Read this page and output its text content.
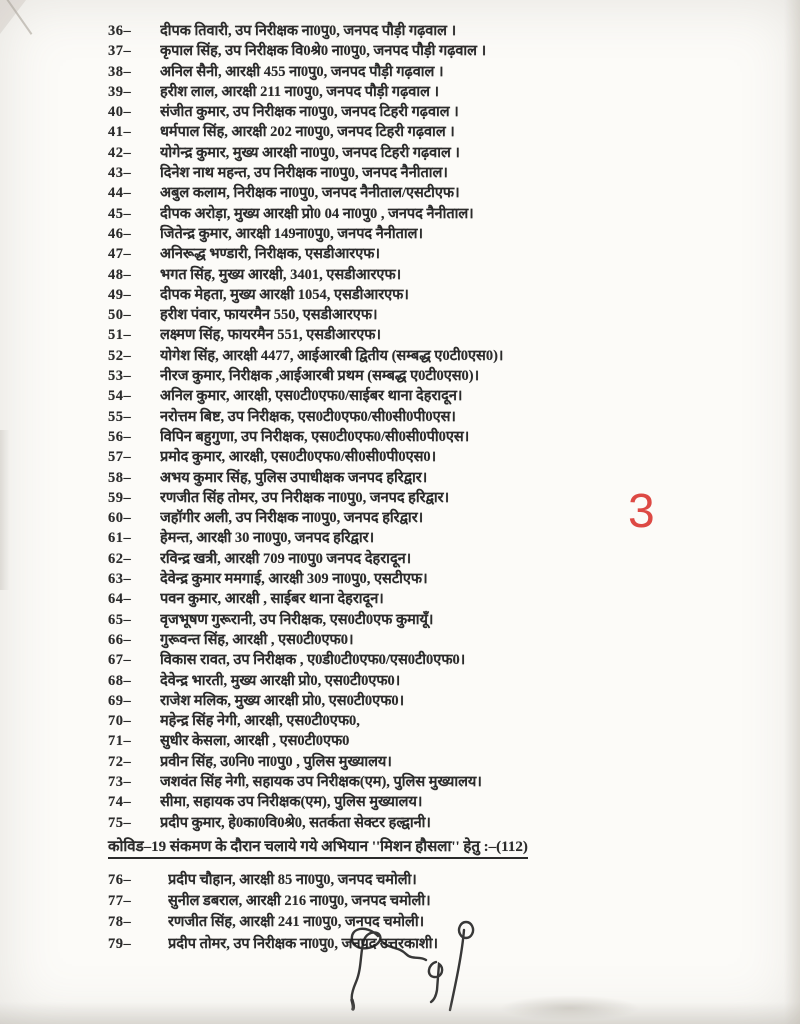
36–	दीपक तिवारी, उप निरीक्षक ना0पु0, जनपद पौड़ी गढ़वाल ।
37–	कृपाल सिंह, उप निरीक्षक वि0श्रे0 ना0पु0, जनपद पौड़ी गढ़वाल ।
38–	अनिल सैनी, आरक्षी 455 ना0पु0, जनपद पौड़ी गढ़वाल ।
39–	हरीश लाल, आरक्षी 211 ना0पु0, जनपद पौड़ी गढ़वाल ।
40–	संजीत कुमार, उप निरीक्षक ना0पु0, जनपद टिहरी गढ़वाल ।
41–	धर्मपाल सिंह, आरक्षी 202 ना0पु0, जनपद टिहरी गढ़वाल ।
42–	योगेन्द्र कुमार, मुख्य आरक्षी ना0पु0, जनपद टिहरी गढ़वाल ।
43–	दिनेश नाथ महन्त, उप निरीक्षक ना0पु0, जनपद नैनीताल।
44–	अबुल कलाम, निरीक्षक ना0पु0, जनपद नैनीताल/एसटीएफ।
45–	दीपक अरोड़ा, मुख्य आरक्षी प्रो0 04 ना0पु0 , जनपद नैनीताल।
46–	जितेन्द्र कुमार, आरक्षी 149ना0पु0, जनपद नैनीताल।
47–	अनिरूद्ध भण्डारी, निरीक्षक, एसडीआरएफ।
48–	भगत सिंह, मुख्य आरक्षी, 3401, एसडीआरएफ।
49–	दीपक मेहता, मुख्य आरक्षी 1054, एसडीआरएफ।
50–	हरीश पंवार, फायरमैन 550, एसडीआरएफ।
51–	लक्ष्मण सिंह, फायरमैन 551, एसडीआरएफ।
52–	योगेश सिंह, आरक्षी 4477, आईआरबी द्वितीय (सम्बद्ध ए0टी0एस0)।
53–	नीरज कुमार, निरीक्षक ,आईआरबी प्रथम (सम्बद्ध ए0टी0एस0)।
54–	अनिल कुमार, आरक्षी, एस0टी0एफ0/साईबर थाना देहरादून।
55–	नरोत्तम बिष्ट, उप निरीक्षक, एस0टी0एफ0/सी0सी0पी0एस।
56–	विपिन बहुगुणा, उप निरीक्षक, एस0टी0एफ0/सी0सी0पी0एस।
57–	प्रमोद कुमार, आरक्षी, एस0टी0एफ0/सी0सी0पी0एस0।
58–	अभय कुमार सिंह, पुलिस उपाधीक्षक जनपद हरिद्वार।
59–	रणजीत सिंह तोमर, उप निरीक्षक ना0पु0, जनपद हरिद्वार।
60–	जहॉगीर अली, उप निरीक्षक ना0पु0, जनपद हरिद्वार।
61–	हेमन्त, आरक्षी 30 ना0पु0, जनपद हरिद्वार।
62–	रविन्द्र खत्री, आरक्षी 709 ना0पु0 जनपद देहरादून।
63–	देवेन्द्र कुमार ममगाई, आरक्षी 309 ना0पु0, एसटीएफ।
64–	पवन कुमार, आरक्षी , साईबर थाना देहरादून।
65–	वृजभूषण गुरूरानी, उप निरीक्षक, एस0टी0एफ कुमायूँ।
66–	गुरूवन्त सिंह, आरक्षी , एस0टी0एफ0।
67–	विकास रावत, उप निरीक्षक , ए0डी0टी0एफ0/एस0टी0एफ0।
68–	देवेन्द्र भारती, मुख्य आरक्षी प्रो0, एस0टी0एफ0।
69–	राजेश मलिक, मुख्य आरक्षी प्रो0, एस0टी0एफ0।
70–	महेन्द्र सिंह नेगी, आरक्षी, एस0टी0एफ0,
71–	सुधीर केसला, आरक्षी , एस0टी0एफ0
72–	प्रवीन सिंह, उ0नि0 ना0पु0 , पुलिस मुख्यालय।
73–	जशवंत सिंह नेगी, सहायक उप निरीक्षक(एम), पुलिस मुख्यालय।
74–	सीमा, सहायक उप निरीक्षक(एम), पुलिस मुख्यालय।
75–	प्रदीप कुमार, हे0का0वि0श्रे0, सतर्कता सेक्टर हल्द्वानी।
3
कोविड–19 संकमण के दौरान चलाये गये अभियान ''मिशन हौसला'' हेतु :–(112)
76–	प्रदीप चौहान, आरक्षी 85 ना0पु0, जनपद चमोली।
77–	सुनील डबराल, आरक्षी 216 ना0पु0, जनपद चमोली।
78–	रणजीत सिंह, आरक्षी 241 ना0पु0, जनपद चमोली।
79–	प्रदीप तोमर, उप निरीक्षक ना0पु0, जनपद उत्तरकाशी।
